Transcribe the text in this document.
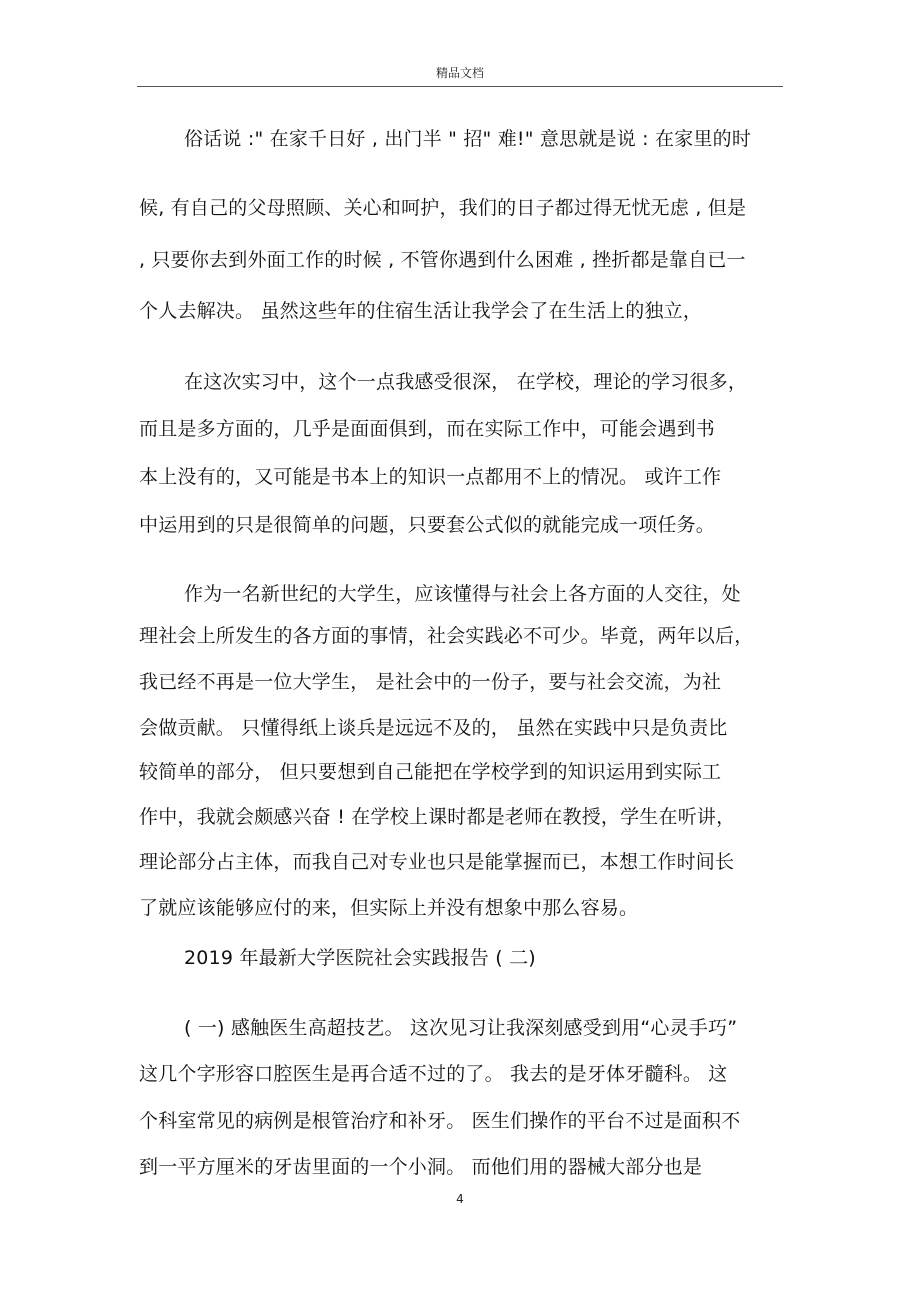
精品文档
俗话说 :" 在家千日好 , 出门半 " 招" 难!" 意思就是说 : 在家里的时
候, 有自己的父母照顾、关心和呵护，我们的日子都过得无忧无虑 , 但是
, 只要你去到外面工作的时候 , 不管你遇到什么困难 , 挫折都是靠自已一
个人去解决。 虽然这些年的住宿生活让我学会了在生活上的独立，
在这次实习中，这个一点我感受很深， 在学校，理论的学习很多，
而且是多方面的，几乎是面面俱到，而在实际工作中，可能会遇到书
本上没有的，又可能是书本上的知识一点都用不上的情况。 或许工作
中运用到的只是很简单的问题，只要套公式似的就能完成一项任务。
作为一名新世纪的大学生，应该懂得与社会上各方面的人交往，处
理社会上所发生的各方面的事情，社会实践必不可少。毕竟，两年以后，
我已经不再是一位大学生， 是社会中的一份子，要与社会交流，为社
会做贡献。 只懂得纸上谈兵是远远不及的， 虽然在实践中只是负责比
较简单的部分， 但只要想到自己能把在学校学到的知识运用到实际工
作中，我就会颇感兴奋 ! 在学校上课时都是老师在教授，学生在听讲，
理论部分占主体，而我自己对专业也只是能掌握而已，本想工作时间长
了就应该能够应付的来，但实际上并没有想象中那么容易。
2019 年最新大学医院社会实践报告 ( 二)
( 一) 感触医生高超技艺。 这次见习让我深刻感受到用“心灵手巧”
这几个字形容口腔医生是再合适不过的了。 我去的是牙体牙髓科。 这
个科室常见的病例是根管治疗和补牙。 医生们操作的平台不过是面积不
到一平方厘米的牙齿里面的一个小洞。 而他们用的器械大部分也是
4
